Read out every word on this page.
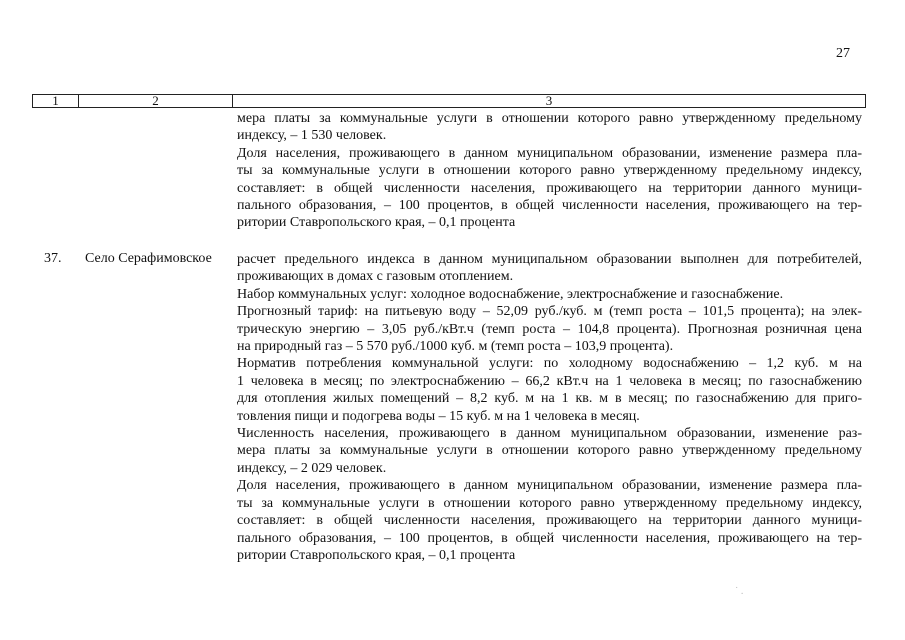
27
1	2	3
мера платы за коммунальные услуги в отношении которого равно утвержденному предельному
индексу, – 1 530 человек.
Доля населения, проживающего в данном муниципальном образовании, изменение размера пла-
ты за коммунальные услуги в отношении которого равно утвержденному предельному индексу,
составляет: в общей численности населения, проживающего на территории данного муници-
пального образования, – 100 процентов, в общей численности населения, проживающего на тер-
ритории Ставропольского края, – 0,1 процента
37. Село Серафимовское расчет предельного индекса в данном муниципальном образовании выполнен для потребителей,
проживающих в домах с газовым отоплением.
Набор коммунальных услуг: холодное водоснабжение, электроснабжение и газоснабжение.
Прогнозный тариф: на питьевую воду – 52,09 руб./куб. м (темп роста – 101,5 процента); на элек-
трическую энергию – 3,05 руб./кВт.ч (темп роста – 104,8 процента). Прогнозная розничная цена
на природный газ – 5 570 руб./1000 куб. м (темп роста – 103,9 процента).
Норматив потребления коммунальной услуги: по холодному водоснабжению – 1,2 куб. м на
1 человека в месяц; по электроснабжению – 66,2 кВт.ч на 1 человека в месяц; по газоснабжению
для отопления жилых помещений – 8,2 куб. м на 1 кв. м в месяц; по газоснабжению для приго-
товления пищи и подогрева воды – 15 куб. м на 1 человека в месяц.
Численность населения, проживающего в данном муниципальном образовании, изменение раз-
мера платы за коммунальные услуги в отношении которого равно утвержденному предельному
индексу, – 2 029 человек.
Доля населения, проживающего в данном муниципальном образовании, изменение размера пла-
ты за коммунальные услуги в отношении которого равно утвержденному предельному индексу,
составляет: в общей численности населения, проживающего на территории данного муници-
пального образования, – 100 процентов, в общей численности населения, проживающего на тер-
ритории Ставропольского края, – 0,1 процента
˙ .
